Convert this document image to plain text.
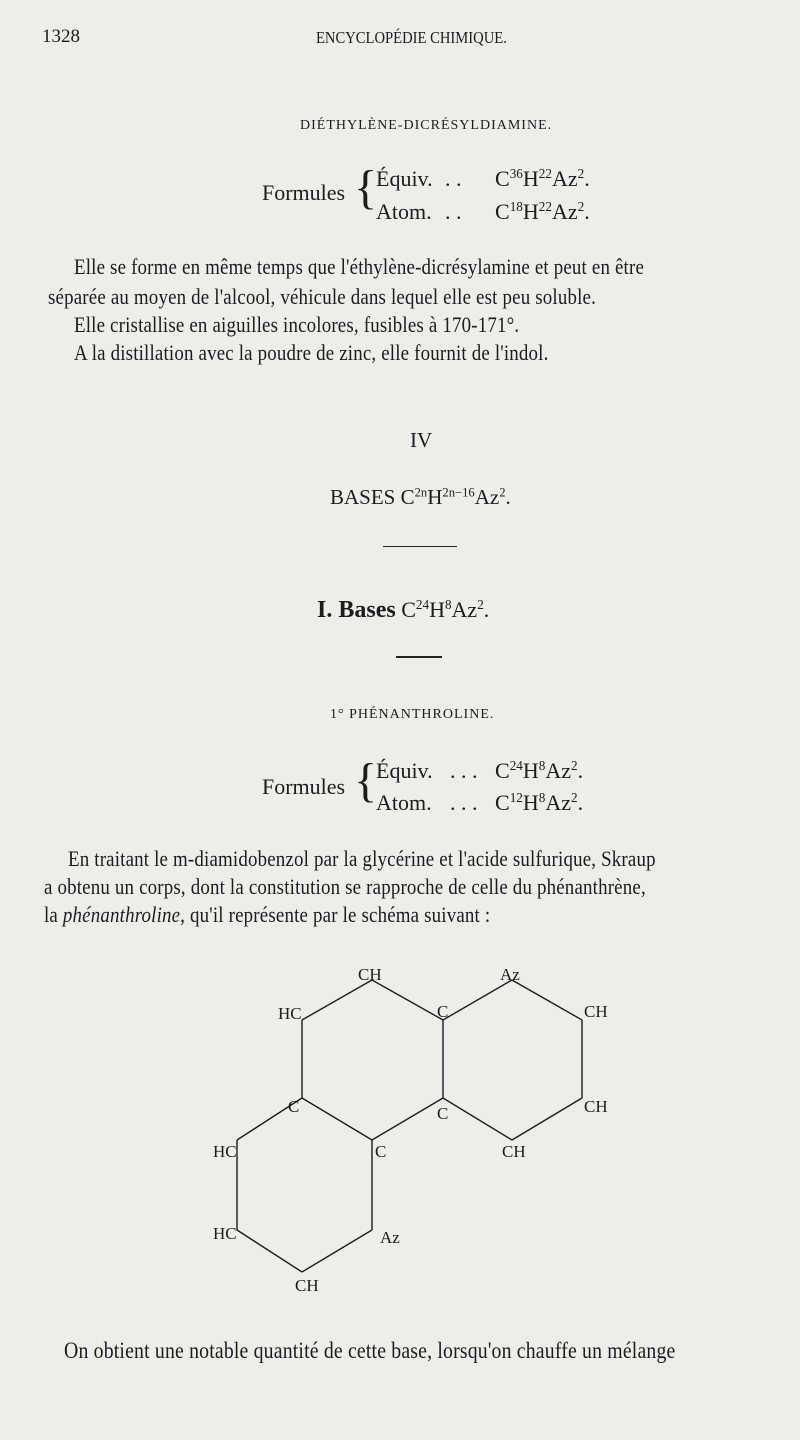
1328	ENCYCLOPÉDIE CHIMIQUE.
DIÉTHYLÈNE-DICRÉSYLDIAMINE.
Formules {
Équiv. . . $C^{36}H^{22}Az^2$.
Atom. . . $C^{18}H^{22}Az^2$.
Elle se forme en même temps que l'éthylène-dicrésylamine et peut en être
séparée au moyen de l'alcool, véhicule dans lequel elle est peu soluble.
Elle cristallise en aiguilles incolores, fusibles à 170-171°.
A la distillation avec la poudre de zinc, elle fournit de l'indol.
IV
BASES $C^{2n}H^{2n-16}Az^2$.
I. Bases $C^{24}H^8Az^2$.
1° PHÉNANTHROLINE.
Formules {
Équiv. . . . $C^{24}H^8Az^2$.
Atom. . . . $C^{12}H^8Az^2$.
En traitant le m-diamidobenzol par la glycérine et l'acide sulfurique, Skraup
a obtenu un corps, dont la constitution se rapproche de celle du phénanthrène,
la phénanthroline, qu'il représente par le schéma suivant :
CH	Az
HC	C	CH
C	C	CH
HC	C	CH
HC	Az
CH
On obtient une notable quantité de cette base, lorsqu'on chauffe un mélange
